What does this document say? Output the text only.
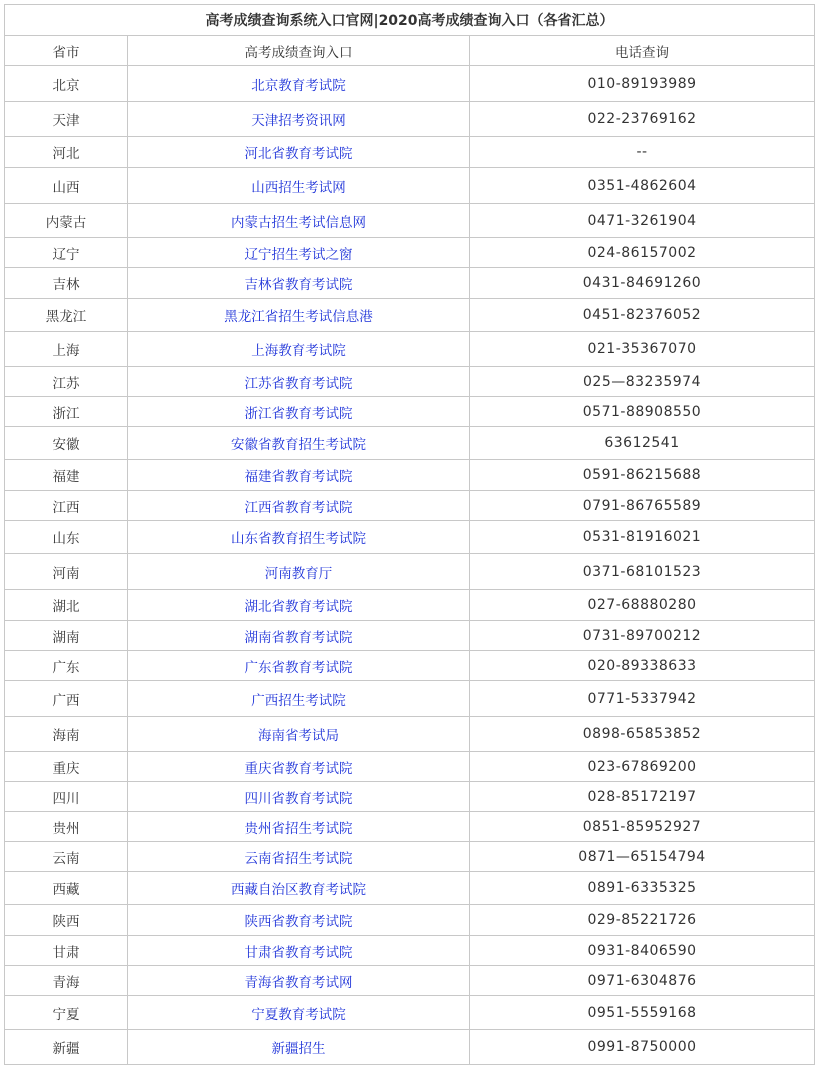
高考成绩查询系统入口官网|2020高考成绩查询入口（各省汇总）		
省市	高考成绩查询入口	电话查询
北京	北京教育考试院	010-89193989
天津	天津招考资讯网	022-23769162
河北	河北省教育考试院	--
山西	山西招生考试网	0351-4862604
内蒙古	内蒙古招生考试信息网	0471-3261904
辽宁	辽宁招生考试之窗	024-86157002
吉林	吉林省教育考试院	0431-84691260
黑龙江	黑龙江省招生考试信息港	0451-82376052
上海	上海教育考试院	021-35367070
江苏	江苏省教育考试院	025—83235974
浙江	浙江省教育考试院	0571-88908550
安徽	安徽省教育招生考试院	63612541
福建	福建省教育考试院	0591-86215688
江西	江西省教育考试院	0791-86765589
山东	山东省教育招生考试院	0531-81916021
河南	河南教育厅	0371-68101523
湖北	湖北省教育考试院	027-68880280
湖南	湖南省教育考试院	0731-89700212
广东	广东省教育考试院	020-89338633
广西	广西招生考试院	0771-5337942
海南	海南省考试局	0898-65853852
重庆	重庆省教育考试院	023-67869200
四川	四川省教育考试院	028-85172197
贵州	贵州省招生考试院	0851-85952927
云南	云南省招生考试院	0871—65154794
西藏	西藏自治区教育考试院	0891-6335325
陕西	陕西省教育考试院	029-85221726
甘肃	甘肃省教育考试院	0931-8406590
青海	青海省教育考试网	0971-6304876
宁夏	宁夏教育考试院	0951-5559168
新疆	新疆招生	0991-8750000
